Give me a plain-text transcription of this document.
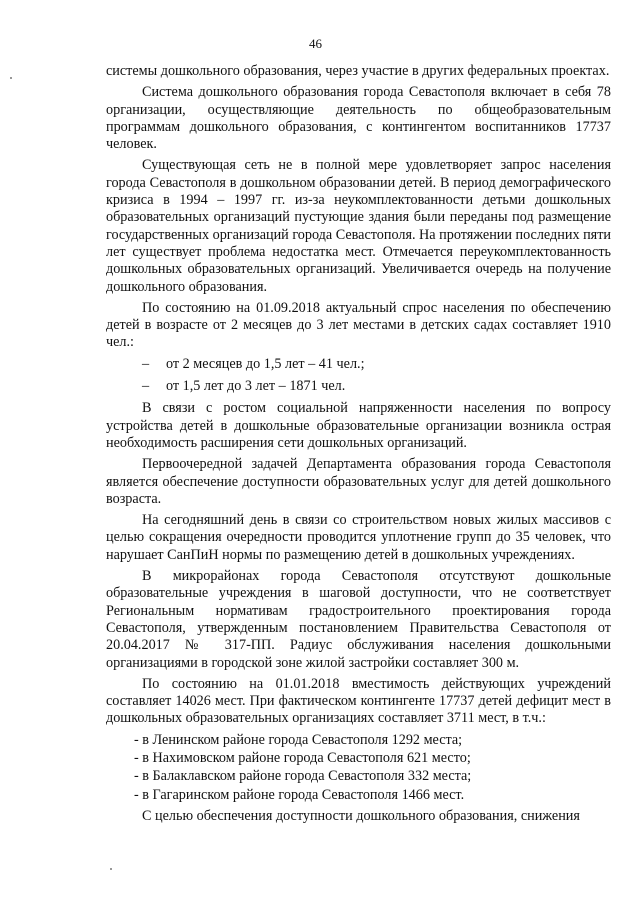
46

системы дошкольного образования, через участие в других федеральных проектах.

Система дошкольного образования города Севастополя включает в себя 78 организации, осуществляющие деятельность по общеобразовательным программам дошкольного образования, с контингентом воспитанников 17737 человек.

Существующая сеть не в полной мере удовлетворяет запрос населения города Севастополя в дошкольном образовании детей. В период демографического кризиса в 1994 – 1997 гг. из-за неукомплектованности детьми дошкольных образовательных организаций пустующие здания были переданы под размещение государственных организаций города Севастополя. На протяжении последних пяти лет существует проблема недостатка мест. Отмечается переукомплектованность дошкольных образовательных организаций. Увеличивается очередь на получение дошкольного образования.

По состоянию на 01.09.2018 актуальный спрос населения по обеспечению детей в возрасте от 2 месяцев до 3 лет местами в детских садах составляет 1910 чел.:

– от 2 месяцев до 1,5 лет – 41 чел.;
– от 1,5 лет до 3 лет – 1871 чел.

В связи с ростом социальной напряженности населения по вопросу устройства детей в дошкольные образовательные организации возникла острая необходимость расширения сети дошкольных организаций.

Первоочередной задачей Департамента образования города Севастополя является обеспечение доступности образовательных услуг для детей дошкольного возраста.

На сегодняшний день в связи со строительством новых жилых массивов с целью сокращения очередности проводится уплотнение групп до 35 человек, что нарушает СанПиН нормы по размещению детей в дошкольных учреждениях.

В микрорайонах города Севастополя отсутствуют дошкольные образовательные учреждения в шаговой доступности, что не соответствует Региональным нормативам градостроительного проектирования города Севастополя, утвержденным постановлением Правительства Севастополя от 20.04.2017 № 317-ПП. Радиус обслуживания населения дошкольными организациями в городской зоне жилой застройки составляет 300 м.

По состоянию на 01.01.2018 вместимость действующих учреждений составляет 14026 мест. При фактическом контингенте 17737 детей дефицит мест в дошкольных образовательных организациях составляет 3711 мест, в т.ч.:

- в Ленинском районе города Севастополя 1292 места;
- в Нахимовском районе города Севастополя 621 место;
- в Балаклавском районе города Севастополя 332 места;
- в Гагаринском районе города Севастополя 1466 мест.

С целью обеспечения доступности дошкольного образования, снижения
